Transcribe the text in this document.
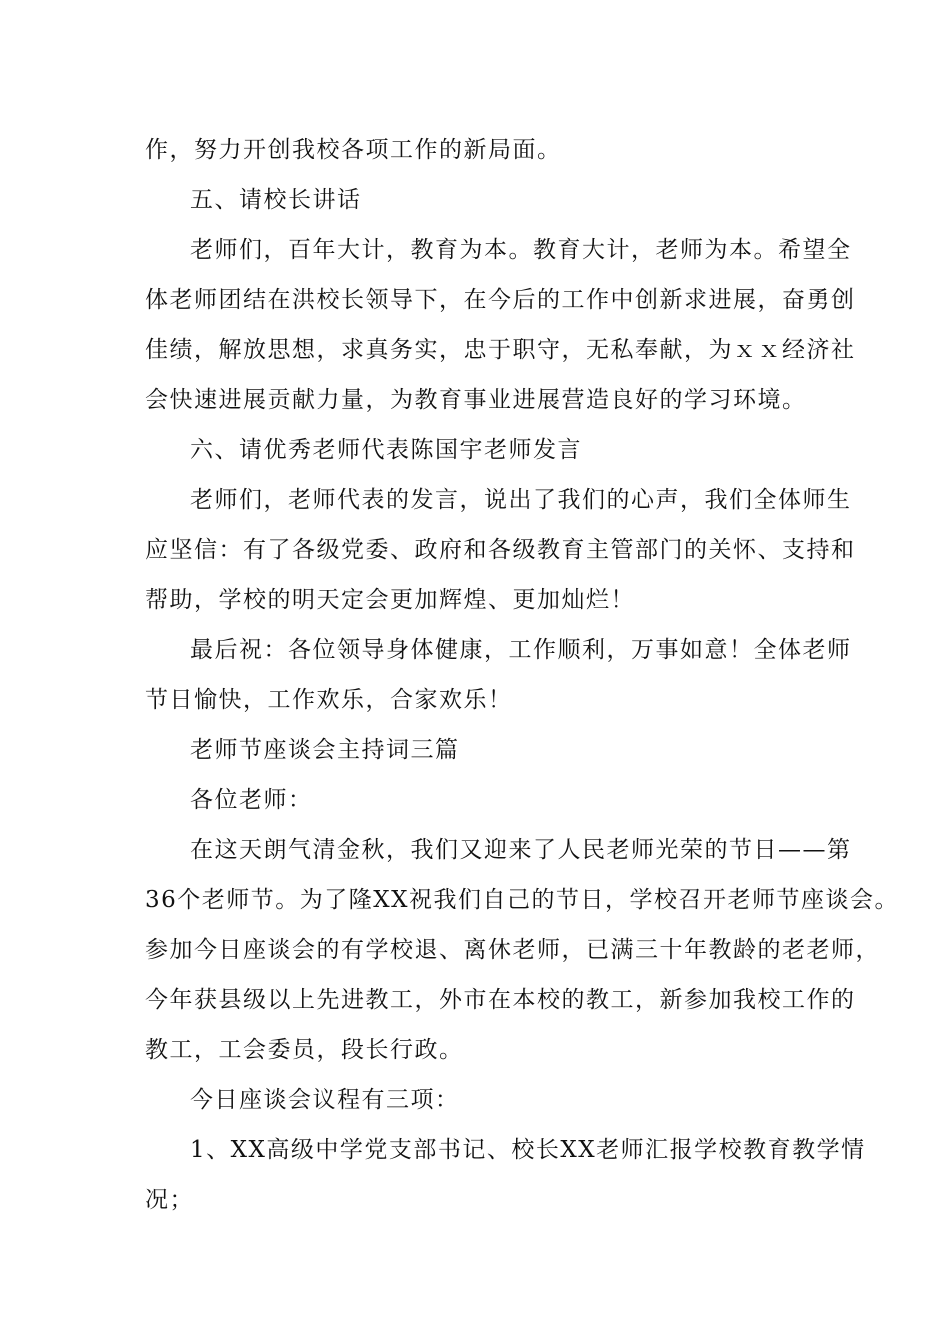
作，努力开创我校各项工作的新局面。
五、请校长讲话
老师们，百年大计，教育为本。教育大计，老师为本。希望全
体老师团结在洪校长领导下，在今后的工作中创新求进展，奋勇创
佳绩，解放思想，求真务实，忠于职守，无私奉献，为ｘｘ经济社
会快速进展贡献力量，为教育事业进展营造良好的学习环境。
六、请优秀老师代表陈国宇老师发言
老师们，老师代表的发言，说出了我们的心声，我们全体师生
应坚信：有了各级党委、政府和各级教育主管部门的关怀、支持和
帮助，学校的明天定会更加辉煌、更加灿烂！
最后祝：各位领导身体健康，工作顺利，万事如意！全体老师
节日愉快，工作欢乐，合家欢乐！
老师节座谈会主持词三篇
各位老师：
在这天朗气清金秋，我们又迎来了人民老师光荣的节日——第
36个老师节。为了隆XX祝我们自己的节日，学校召开老师节座谈会。
参加今日座谈会的有学校退、离休老师，已满三十年教龄的老老师，
今年获县级以上先进教工，外市在本校的教工，新参加我校工作的
教工，工会委员，段长行政。
今日座谈会议程有三项：
1、XX高级中学党支部书记、校长XX老师汇报学校教育教学情
况；
